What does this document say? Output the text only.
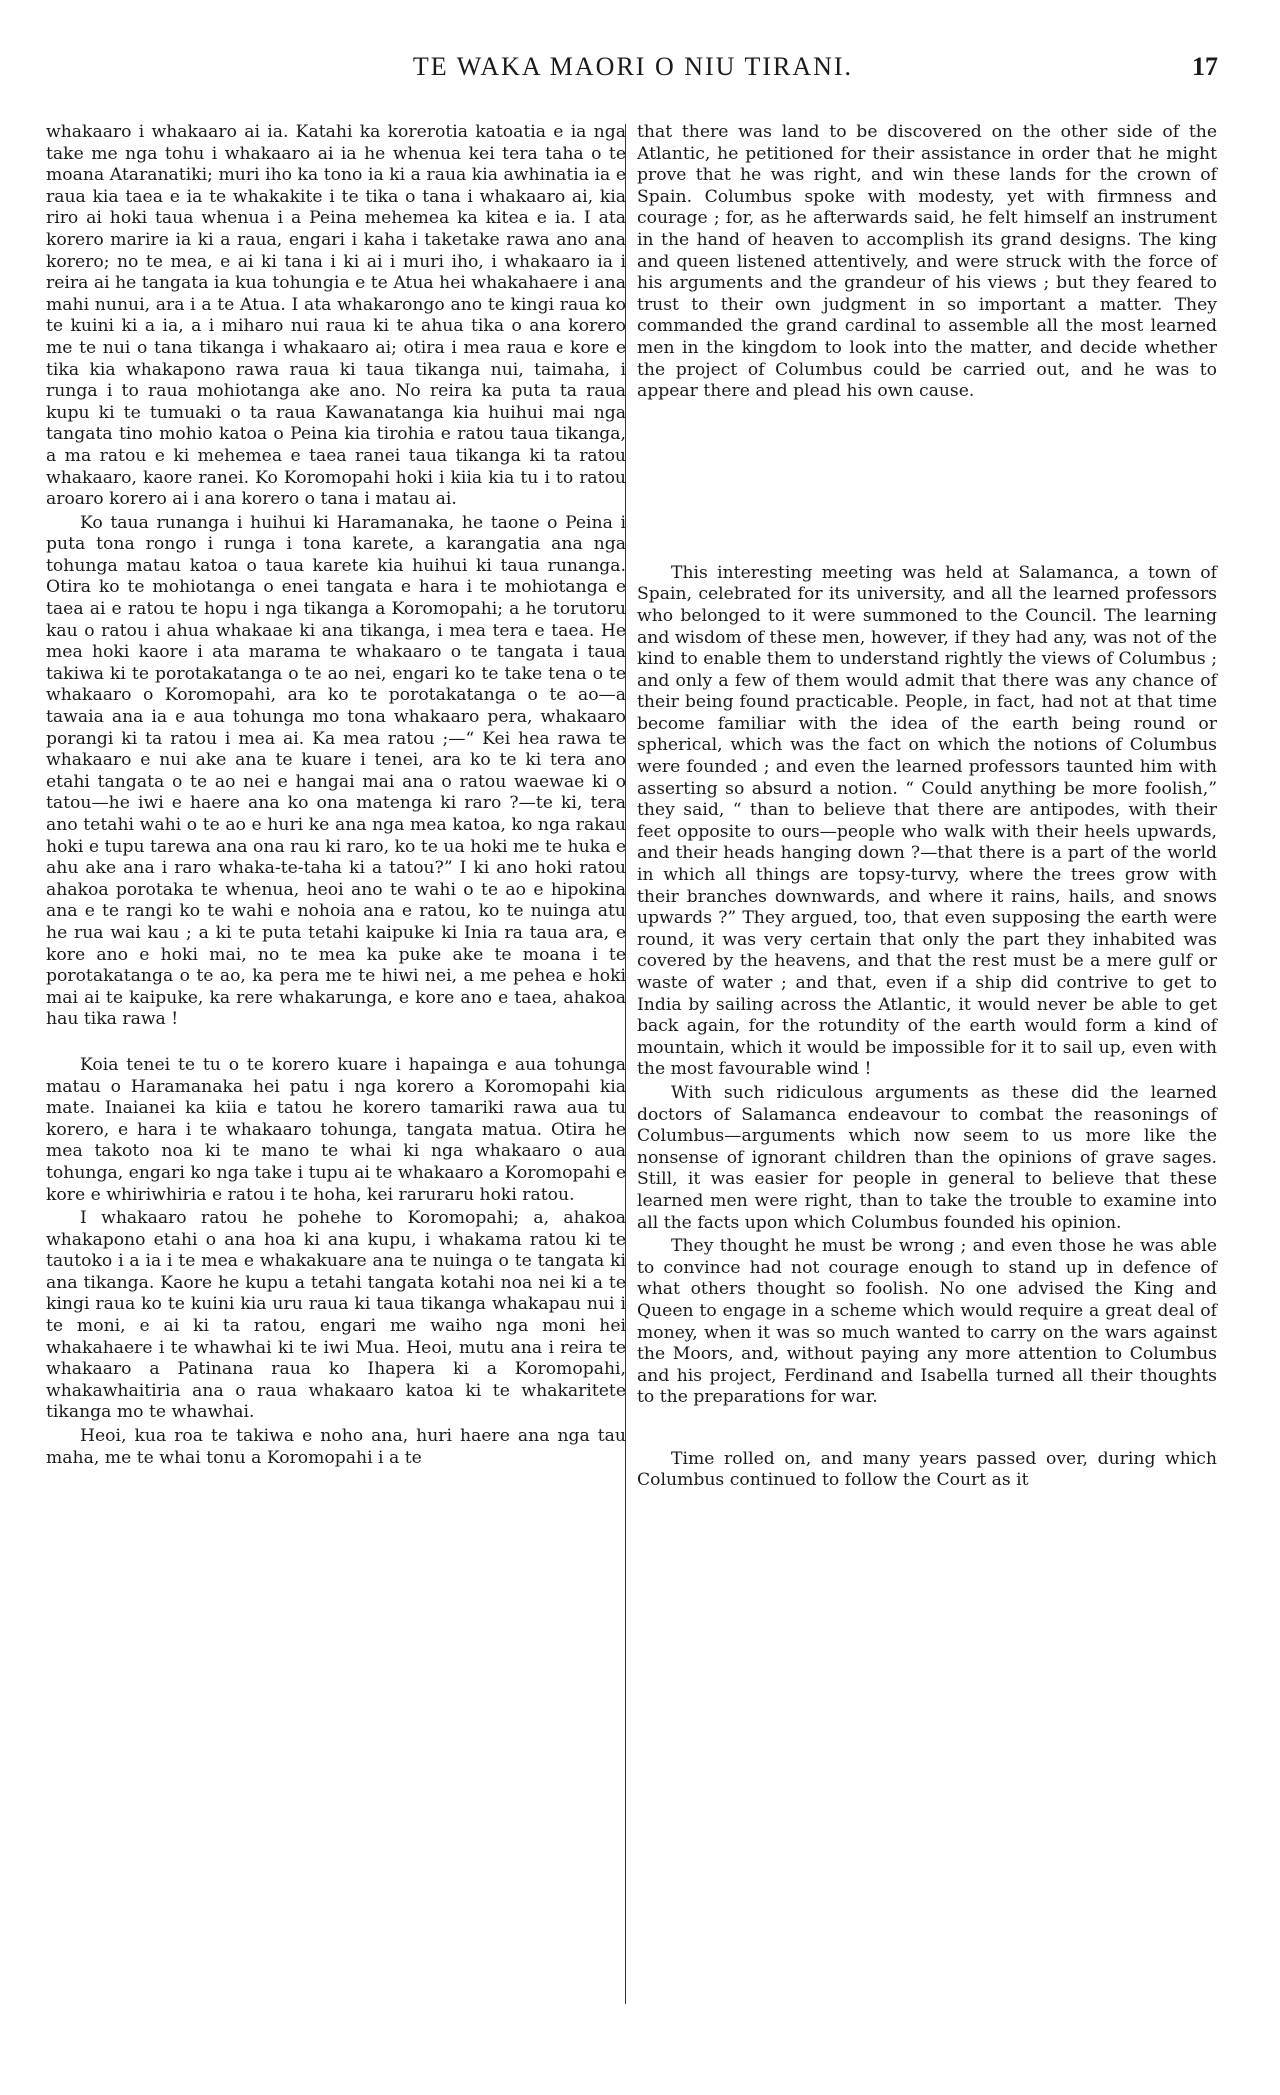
TE WAKA MAORI O NIU TIRANI.	17

whakaaro i whakaaro ai ia. Katahi ka korerotia katoatia e ia nga take me nga tohu i whakaaro ai ia he whenua kei tera taha o te moana Ataranatiki; muri iho ka tono ia ki a raua kia awhinatia ia e raua kia taea e ia te whakakite i te tika o tana i whakaaro ai, kia riro ai hoki taua whenua i a Peina mehemea ka kitea e ia. I ata korero marire ia ki a raua, engari i kaha i taketake rawa ano ana korero; no te mea, e ai ki tana i ki ai i muri iho, i whakaaro ia i reira ai he tangata ia kua tohungia e te Atua hei whakahaere i ana mahi nunui, ara i a te Atua. I ata whakarongo ano te kingi raua ko te kuini ki a ia, a i miharo nui raua ki te ahua tika o ana korero me te nui o tana tikanga i whakaaro ai; otira i mea raua e kore e tika kia whakapono rawa raua ki taua tikanga nui, taimaha, i runga i to raua mohiotanga ake ano. No reira ka puta ta raua kupu ki te tumuaki o ta raua Kawanatanga kia huihui mai nga tangata tino mohio katoa o Peina kia tirohia e ratou taua tikanga, a ma ratou e ki mehemea e taea ranei taua tikanga ki ta ratou whakaaro, kaore ranei. Ko Koromopahi hoki i kiia kia tu i to ratou aroaro korero ai i ana korero o tana i matau ai.

Ko taua runanga i huihui ki Haramanaka, he taone o Peina i puta tona rongo i runga i tona karete, a karangatia ana nga tohunga matau katoa o taua karete kia huihui ki taua runanga. Otira ko te mohiotanga o enei tangata e hara i te mohiotanga e taea ai e ratou te hopu i nga tikanga a Koromopahi; a he torutoru kau o ratou i ahua whakaae ki ana tikanga, i mea tera e taea. He mea hoki kaore i ata marama te whakaaro o te tangata i taua takiwa ki te porotakatanga o te ao nei, engari ko te take tena o te whakaaro o Koromopahi, ara ko te porotakatanga o te ao—a tawaia ana ia e aua tohunga mo tona whakaaro pera, whakaaro porangi ki ta ratou i mea ai. Ka mea ratou ;—“ Kei hea rawa te whakaaro e nui ake ana te kuare i tenei, ara ko te ki tera ano etahi tangata o te ao nei e hangai mai ana o ratou waewae ki o tatou—he iwi e haere ana ko ona matenga ki raro ?—te ki, tera ano tetahi wahi o te ao e huri ke ana nga mea katoa, ko nga rakau hoki e tupu tarewa ana ona rau ki raro, ko te ua hoki me te huka e ahu ake ana i raro whaka-te-taha ki a tatou?” I ki ano hoki ratou ahakoa porotaka te whenua, heoi ano te wahi o te ao e hipokina ana e te rangi ko te wahi e nohoia ana e ratou, ko te nuinga atu he rua wai kau ; a ki te puta tetahi kaipuke ki Inia ra taua ara, e kore ano e hoki mai, no te mea ka puke ake te moana i te porotakatanga o te ao, ka pera me te hiwi nei, a me pehea e hoki mai ai te kaipuke, ka rere whakarunga, e kore ano e taea, ahakoa hau tika rawa !

Koia tenei te tu o te korero kuare i hapainga e aua tohunga matau o Haramanaka hei patu i nga korero a Koromopahi kia mate. Inaianei ka kiia e tatou he korero tamariki rawa aua tu korero, e hara i te whakaaro tohunga, tangata matua. Otira he mea takoto noa ki te mano te whai ki nga whakaaro o aua tohunga, engari ko nga take i tupu ai te whakaaro a Koromopahi e kore e whiriwhiria e ratou i te hoha, kei raruraru hoki ratou.

I whakaaro ratou he pohehe to Koromopahi; a, ahakoa whakapono etahi o ana hoa ki ana kupu, i whakama ratou ki te tautoko i a ia i te mea e whakakuare ana te nuinga o te tangata ki ana tikanga. Kaore he kupu a tetahi tangata kotahi noa nei ki a te kingi raua ko te kuini kia uru raua ki taua tikanga whakapau nui i te moni, e ai ki ta ratou, engari me waiho nga moni hei whakahaere i te whawhai ki te iwi Mua. Heoi, mutu ana i reira te whakaaro a Patinana raua ko Ihapera ki a Koromopahi, whakawhaitiria ana o raua whakaaro katoa ki te whakaritete tikanga mo te whawhai.

Heoi, kua roa te takiwa e noho ana, huri haere ana nga tau maha, me te whai tonu a Koromopahi i a te

that there was land to be discovered on the other side of the Atlantic, he petitioned for their assistance in order that he might prove that he was right, and win these lands for the crown of Spain. Columbus spoke with modesty, yet with firmness and courage ; for, as he afterwards said, he felt himself an instrument in the hand of heaven to accomplish its grand designs. The king and queen listened attentively, and were struck with the force of his arguments and the grandeur of his views ; but they feared to trust to their own judgment in so important a matter. They commanded the grand cardinal to assemble all the most learned men in the kingdom to look into the matter, and decide whether the project of Columbus could be carried out, and he was to appear there and plead his own cause.

This interesting meeting was held at Salamanca, a town of Spain, celebrated for its university, and all the learned professors who belonged to it were summoned to the Council. The learning and wisdom of these men, however, if they had any, was not of the kind to enable them to understand rightly the views of Columbus ; and only a few of them would admit that there was any chance of their being found practicable. People, in fact, had not at that time become familiar with the idea of the earth being round or spherical, which was the fact on which the notions of Columbus were founded ; and even the learned professors taunted him with asserting so absurd a notion. “ Could anything be more foolish,” they said, “ than to believe that there are antipodes, with their feet opposite to ours—people who walk with their heels upwards, and their heads hanging down ?—that there is a part of the world in which all things are topsy-turvy, where the trees grow with their branches downwards, and where it rains, hails, and snows upwards ?” They argued, too, that even supposing the earth were round, it was very certain that only the part they inhabited was covered by the heavens, and that the rest must be a mere gulf or waste of water ; and that, even if a ship did contrive to get to India by sailing across the Atlantic, it would never be able to get back again, for the rotundity of the earth would form a kind of mountain, which it would be impossible for it to sail up, even with the most favourable wind !

With such ridiculous arguments as these did the learned doctors of Salamanca endeavour to combat the reasonings of Columbus—arguments which now seem to us more like the nonsense of ignorant children than the opinions of grave sages. Still, it was easier for people in general to believe that these learned men were right, than to take the trouble to examine into all the facts upon which Columbus founded his opinion.

They thought he must be wrong ; and even those he was able to convince had not courage enough to stand up in defence of what others thought so foolish. No one advised the King and Queen to engage in a scheme which would require a great deal of money, when it was so much wanted to carry on the wars against the Moors, and, without paying any more attention to Columbus and his project, Ferdinand and Isabella turned all their thoughts to the preparations for war.

Time rolled on, and many years passed over, during which Columbus continued to follow the Court as it
